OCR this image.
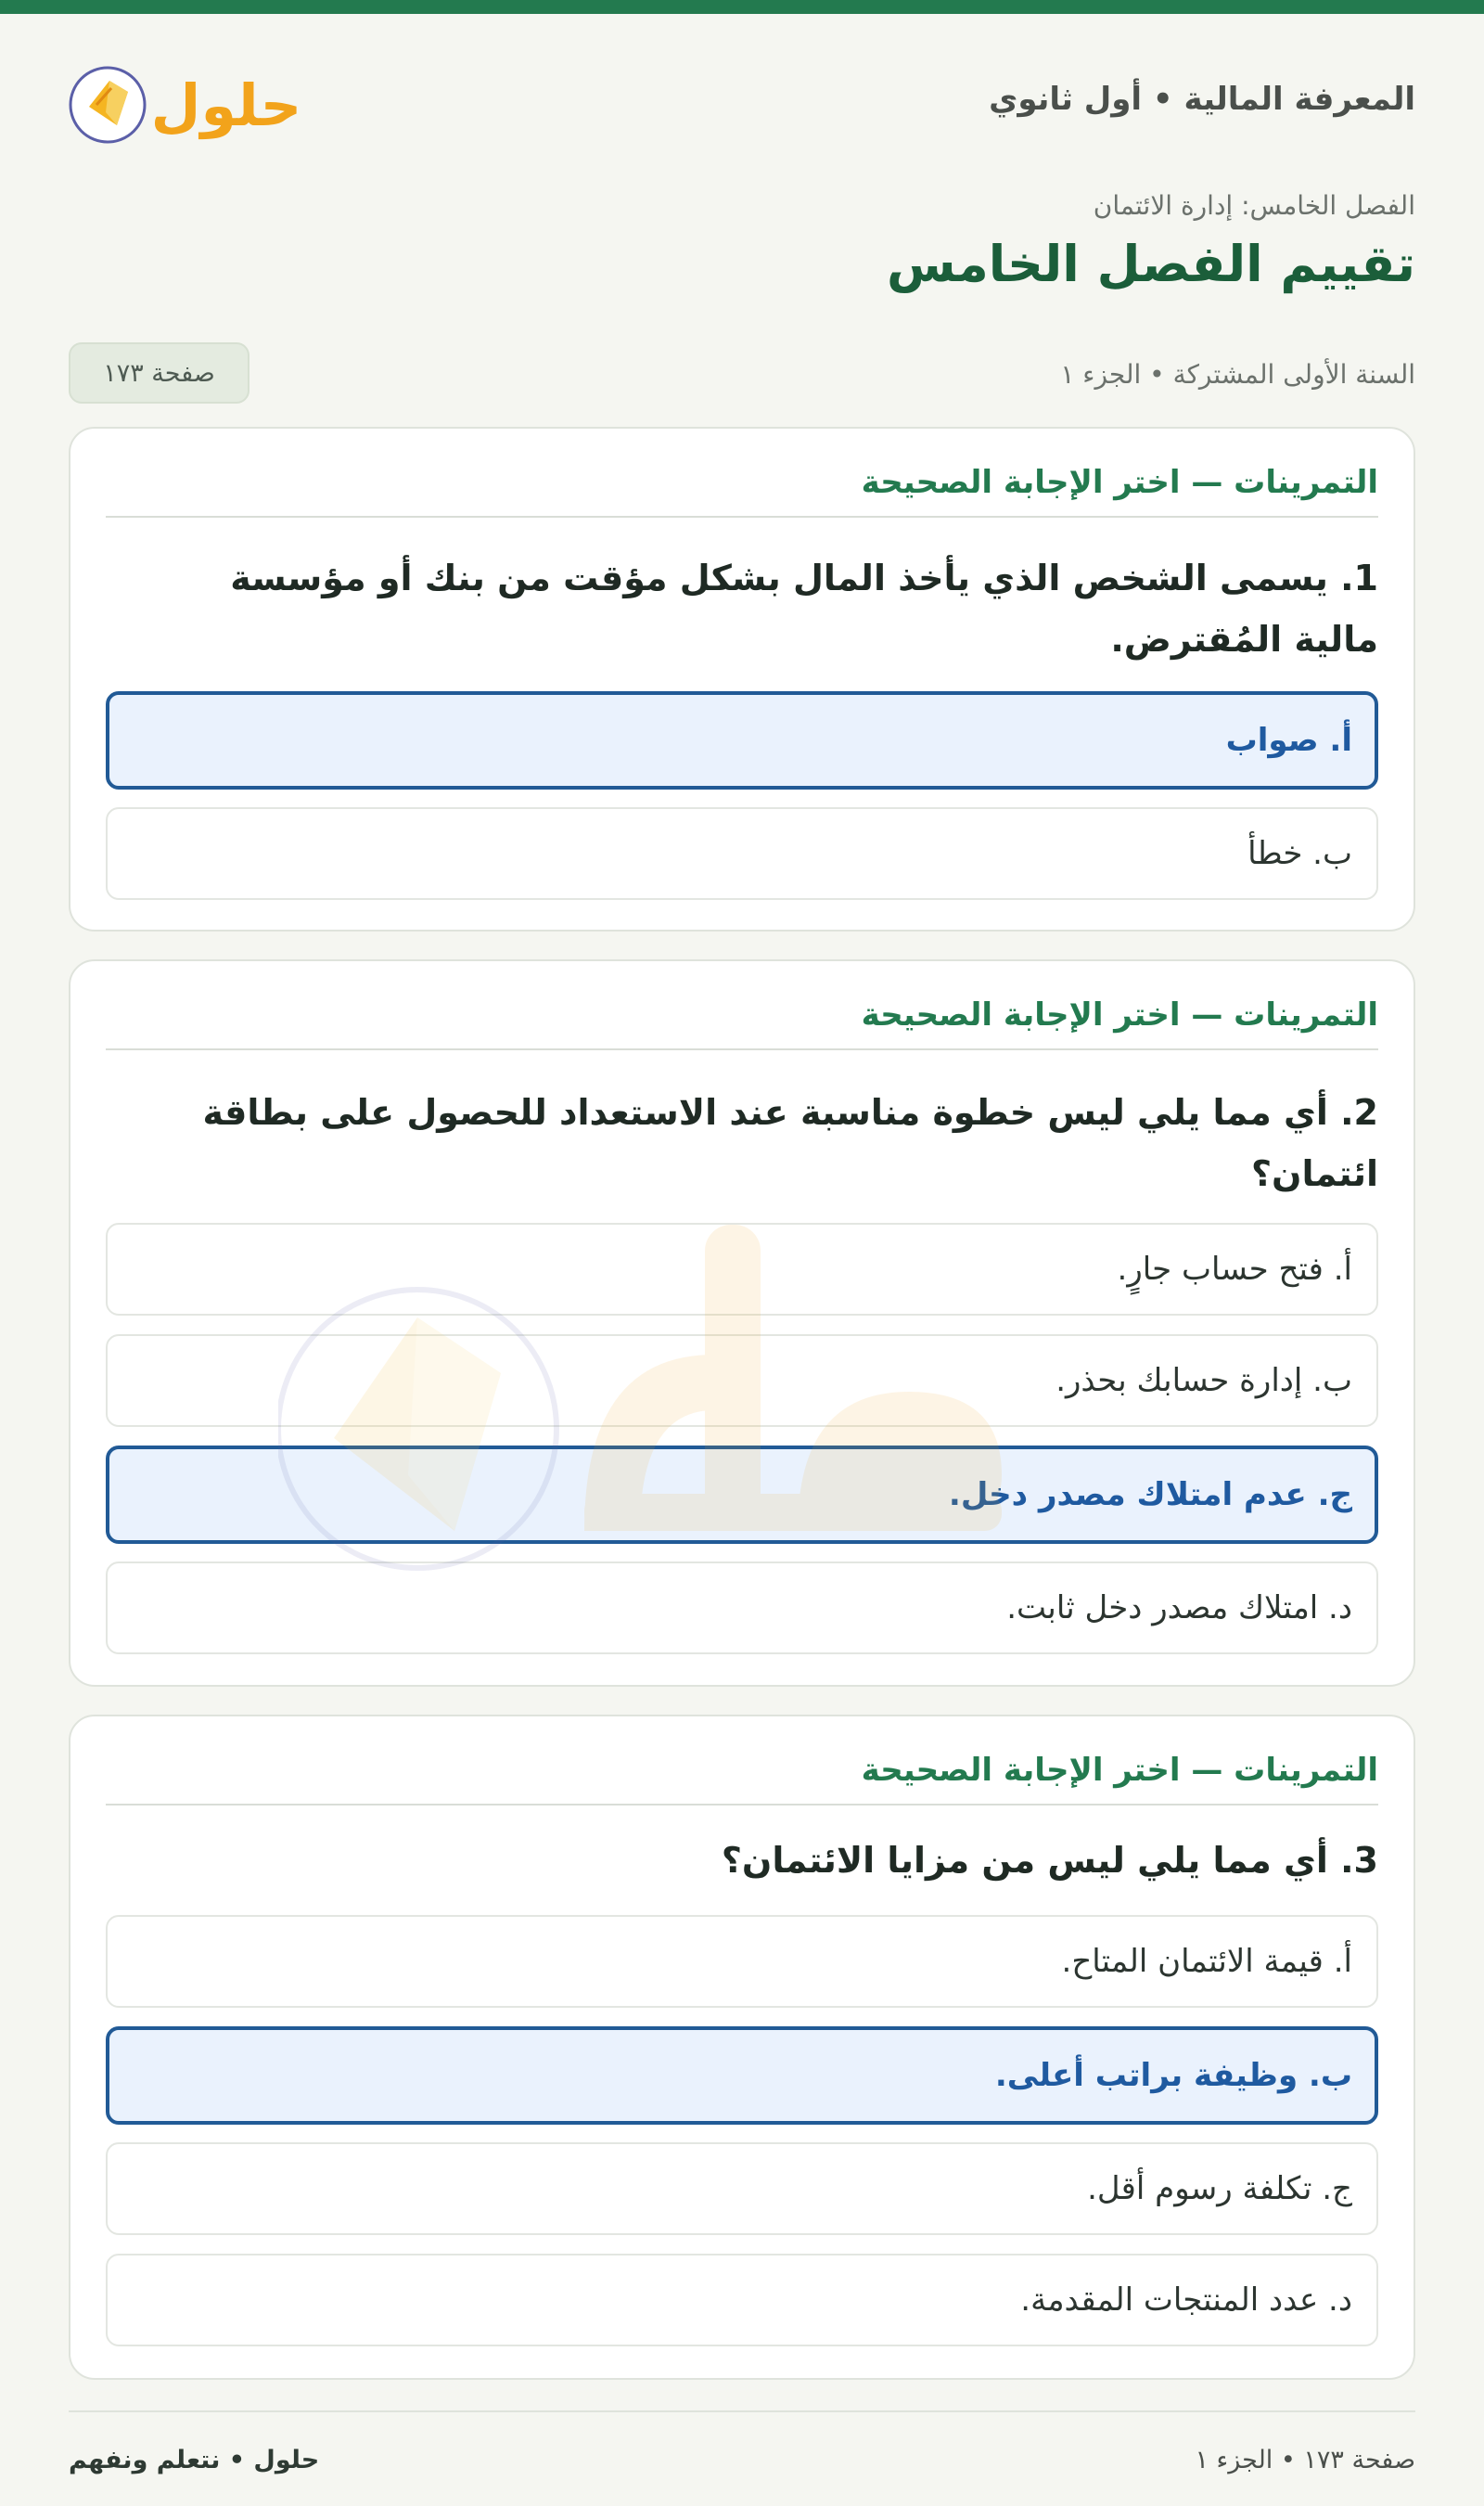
المعرفة المالية • أول ثانوي
حلول
الفصل الخامس: إدارة الائتمان
تقييم الفصل الخامس
السنة الأولى المشتركة • الجزء ١
صفحة ١٧٣
التمرينات — اختر الإجابة الصحيحة
1. يسمى الشخص الذي يأخذ المال بشكل مؤقت من بنك أو مؤسسة مالية المُقترض.
أ. صواب
ب. خطأ
التمرينات — اختر الإجابة الصحيحة
2. أي مما يلي ليس خطوة مناسبة عند الاستعداد للحصول على بطاقة ائتمان؟
أ. فتح حساب جارٍ.
ب. إدارة حسابك بحذر.
ج. عدم امتلاك مصدر دخل.
د. امتلاك مصدر دخل ثابت.
التمرينات — اختر الإجابة الصحيحة
3. أي مما يلي ليس من مزايا الائتمان؟
أ. قيمة الائتمان المتاح.
ب. وظيفة براتب أعلى.
ج. تكلفة رسوم أقل.
د. عدد المنتجات المقدمة.
حلول • نتعلم ونفهم	صفحة ١٧٣ • الجزء ١
